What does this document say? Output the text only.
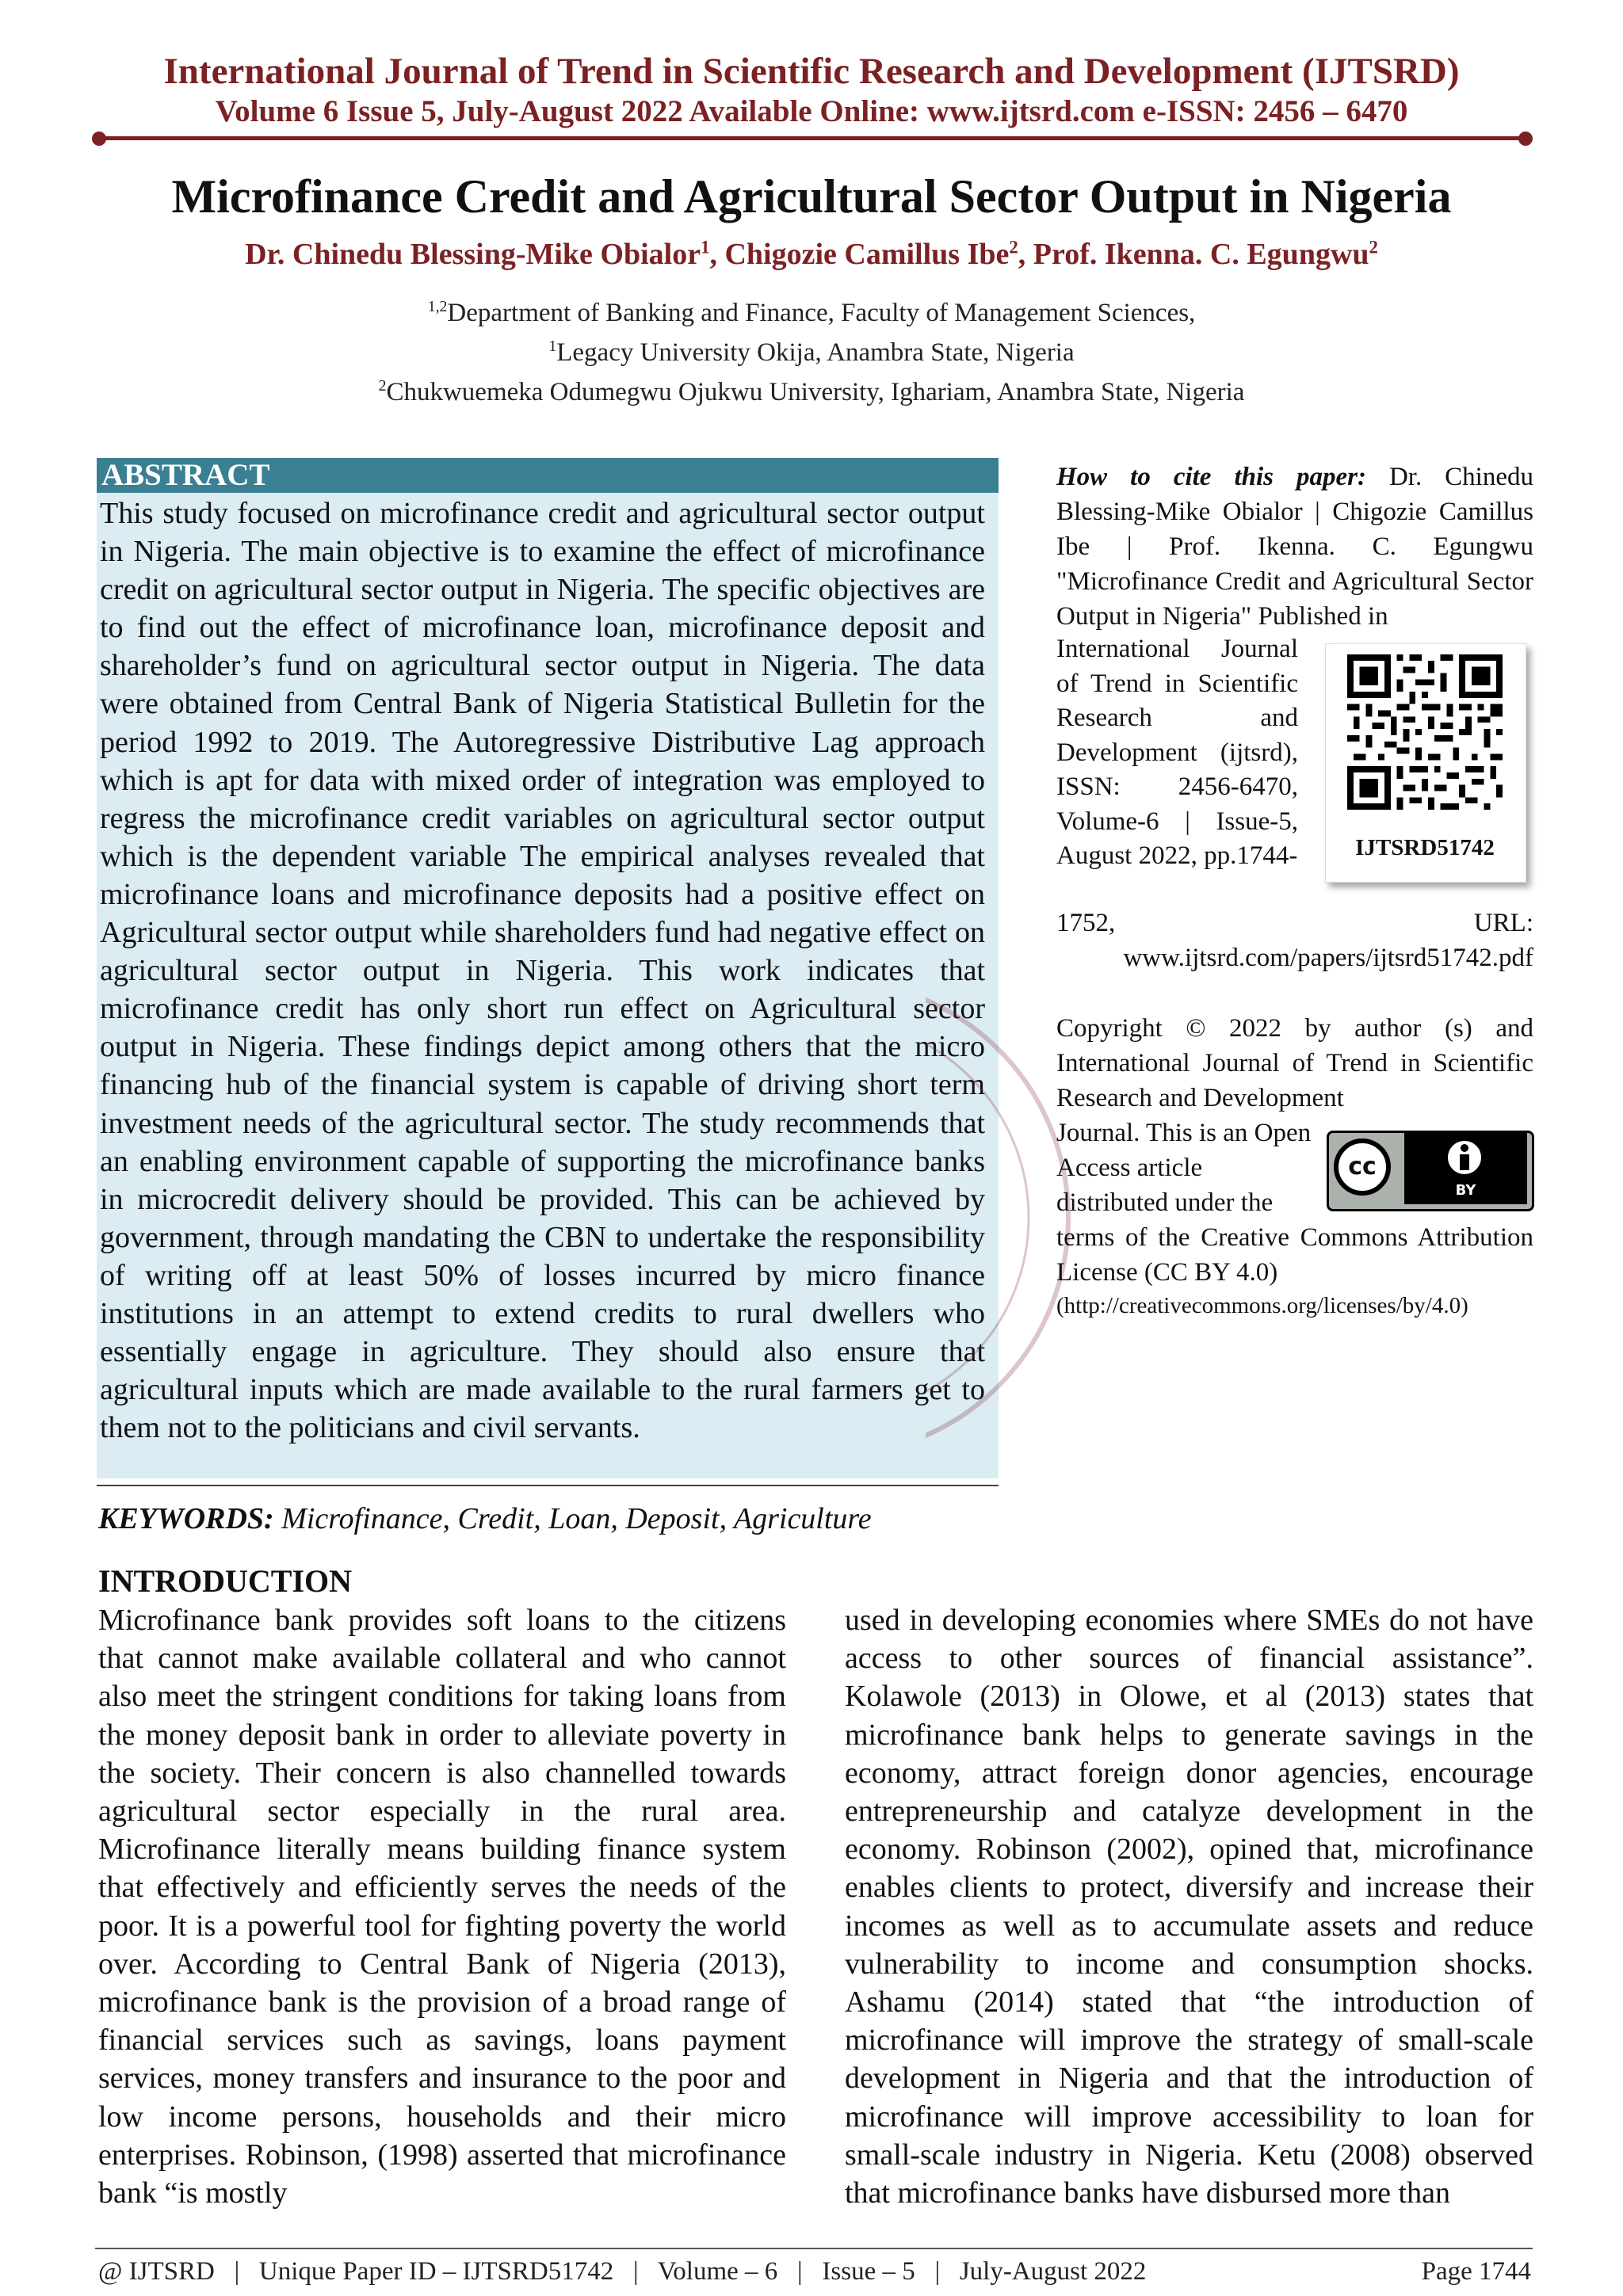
International Journal of Trend in Scientific Research and Development (IJTSRD)
Volume 6 Issue 5, July-August 2022 Available Online: www.ijtsrd.com e-ISSN: 2456 – 6470
Microfinance Credit and Agricultural Sector Output in Nigeria
Dr. Chinedu Blessing-Mike Obialor$^1$, Chigozie Camillus Ibe$^2$, Prof. Ikenna. C. Egungwu$^2$
$^{1,2}$Department of Banking and Finance, Faculty of Management Sciences,
$^1$Legacy University Okija, Anambra State, Nigeria
$^2$Chukwuemeka Odumegwu Ojukwu University, Ighariam, Anambra State, Nigeria
ABSTRACT
This study focused on microfinance credit and agricultural sector output in Nigeria. The main objective is to examine the effect of microfinance credit on agricultural sector output in Nigeria. The specific objectives are to find out the effect of microfinance loan, microfinance deposit and shareholder’s fund on agricultural sector output in Nigeria. The data were obtained from Central Bank of Nigeria Statistical Bulletin for the period 1992 to 2019. The Autoregressive Distributive Lag approach which is apt for data with mixed order of integration was employed to regress the microfinance credit variables on agricultural sector output which is the dependent variable The empirical analyses revealed that microfinance loans and microfinance deposits had a positive effect on Agricultural sector output while shareholders fund had negative effect on agricultural sector output in Nigeria. This work indicates that microfinance credit has only short run effect on Agricultural sector output in Nigeria. These findings depict among others that the micro financing hub of the financial system is capable of driving short term investment needs of the agricultural sector. The study recommends that an enabling environment capable of supporting the microfinance banks in microcredit delivery should be provided. This can be achieved by government, through mandating the CBN to undertake the responsibility of writing off at least 50% of losses incurred by micro finance institutions in an attempt to extend credits to rural dwellers who essentially engage in agriculture. They should also ensure that agricultural inputs which are made available to the rural farmers get to them not to the politicians and civil servants.
How to cite this paper: Dr. Chinedu Blessing-Mike Obialor | Chigozie Camillus Ibe | Prof. Ikenna. C. Egungwu "Microfinance Credit and Agricultural Sector Output in Nigeria" Published in
International Journal of Trend in Scientific Research and Development (ijtsrd), ISSN: 2456-6470, Volume-6 | Issue-5, August 2022, pp.1744-
1752,	URL:
www.ijtsrd.com/papers/ijtsrd51742.pdf
IJTSRD51742
Copyright © 2022 by author (s) and International Journal of Trend in Scientific Research and Development
Journal. This is an Open Access article distributed under the
terms of the Creative Commons Attribution License (CC BY 4.0)
(http://creativecommons.org/licenses/by/4.0)
cc
BY
KEYWORDS: Microfinance, Credit, Loan, Deposit, Agriculture
INTRODUCTION
Microfinance bank provides soft loans to the citizens that cannot make available collateral and who cannot also meet the stringent conditions for taking loans from the money deposit bank in order to alleviate poverty in the society. Their concern is also channelled towards agricultural sector especially in the rural area. Microfinance literally means building finance system that effectively and efficiently serves the needs of the poor. It is a powerful tool for fighting poverty the world over. According to Central Bank of Nigeria (2013), microfinance bank is the provision of a broad range of financial services such as savings, loans payment services, money transfers and insurance to the poor and low income persons, households and their micro enterprises. Robinson, (1998) asserted that microfinance bank “is mostly
used in developing economies where SMEs do not have access to other sources of financial assistance”. Kolawole (2013) in Olowe, et al (2013) states that microfinance bank helps to generate savings in the economy, attract foreign donor agencies, encourage entrepreneurship and catalyze development in the economy. Robinson (2002), opined that, microfinance enables clients to protect, diversify and increase their incomes as well as to accumulate assets and reduce vulnerability to income and consumption shocks. Ashamu (2014) stated that “the introduction of microfinance will improve the strategy of small-scale development in Nigeria and that the introduction of microfinance will improve accessibility to loan for small-scale industry in Nigeria. Ketu (2008) observed that microfinance banks have disbursed more than
@ IJTSRD   |   Unique Paper ID – IJTSRD51742   |   Volume – 6   |   Issue – 5   |   July-August 2022	Page 1744
